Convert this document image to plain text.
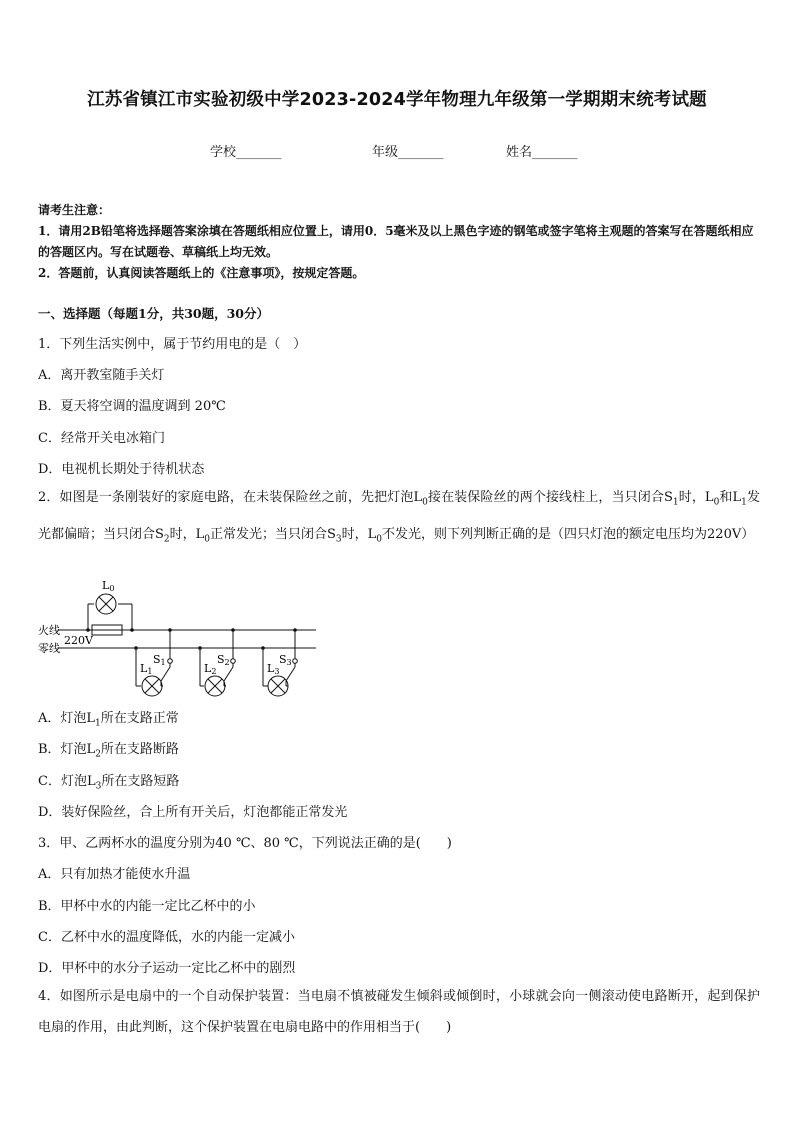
江苏省镇江市实验初级中学2023-2024学年物理九年级第一学期期末统考试题
学校_______	年级_______	姓名_______
请考生注意：
1．请用2B铅笔将选择题答案涂填在答题纸相应位置上，请用0．5毫米及以上黑色字迹的钢笔或签字笔将主观题的答案写在答题纸相应的答题区内。写在试题卷、草稿纸上均无效。
2．答题前，认真阅读答题纸上的《注意事项》，按规定答题。
一、选择题（每题1分，共30题，30分）
1．下列生活实例中，属于节约用电的是（　）
A．离开教室随手关灯
B．夏天将空调的温度调到 20℃
C．经常开关电冰箱门
D．电视机长期处于待机状态
2．如图是一条刚装好的家庭电路，在未装保险丝之前，先把灯泡$L_0$接在装保险丝的两个接线柱上，当只闭合$S_1$时，$L_0$和$L_1$发光都偏暗；当只闭合$S_2$时，$L_0$正常发光；当只闭合$S_3$时，$L_0$不发光，则下列判断正确的是（四只灯泡的额定电压均为220V）
L0
火线
零线
220V
S1
L1
S2
L2
S3
L3
A．灯泡$L_1$所在支路正常
B．灯泡$L_2$所在支路断路
C．灯泡$L_3$所在支路短路
D．装好保险丝，合上所有开关后，灯泡都能正常发光
3．甲、乙两杯水的温度分别为40 ℃、80 ℃，下列说法正确的是(　　)
A．只有加热才能使水升温
B．甲杯中水的内能一定比乙杯中的小
C．乙杯中水的温度降低，水的内能一定减小
D．甲杯中的水分子运动一定比乙杯中的剧烈
4．如图所示是电扇中的一个自动保护装置：当电扇不慎被碰发生倾斜或倾倒时，小球就会向一侧滚动使电路断开，起到保护电扇的作用，由此判断，这个保护装置在电扇电路中的作用相当于(　　)
